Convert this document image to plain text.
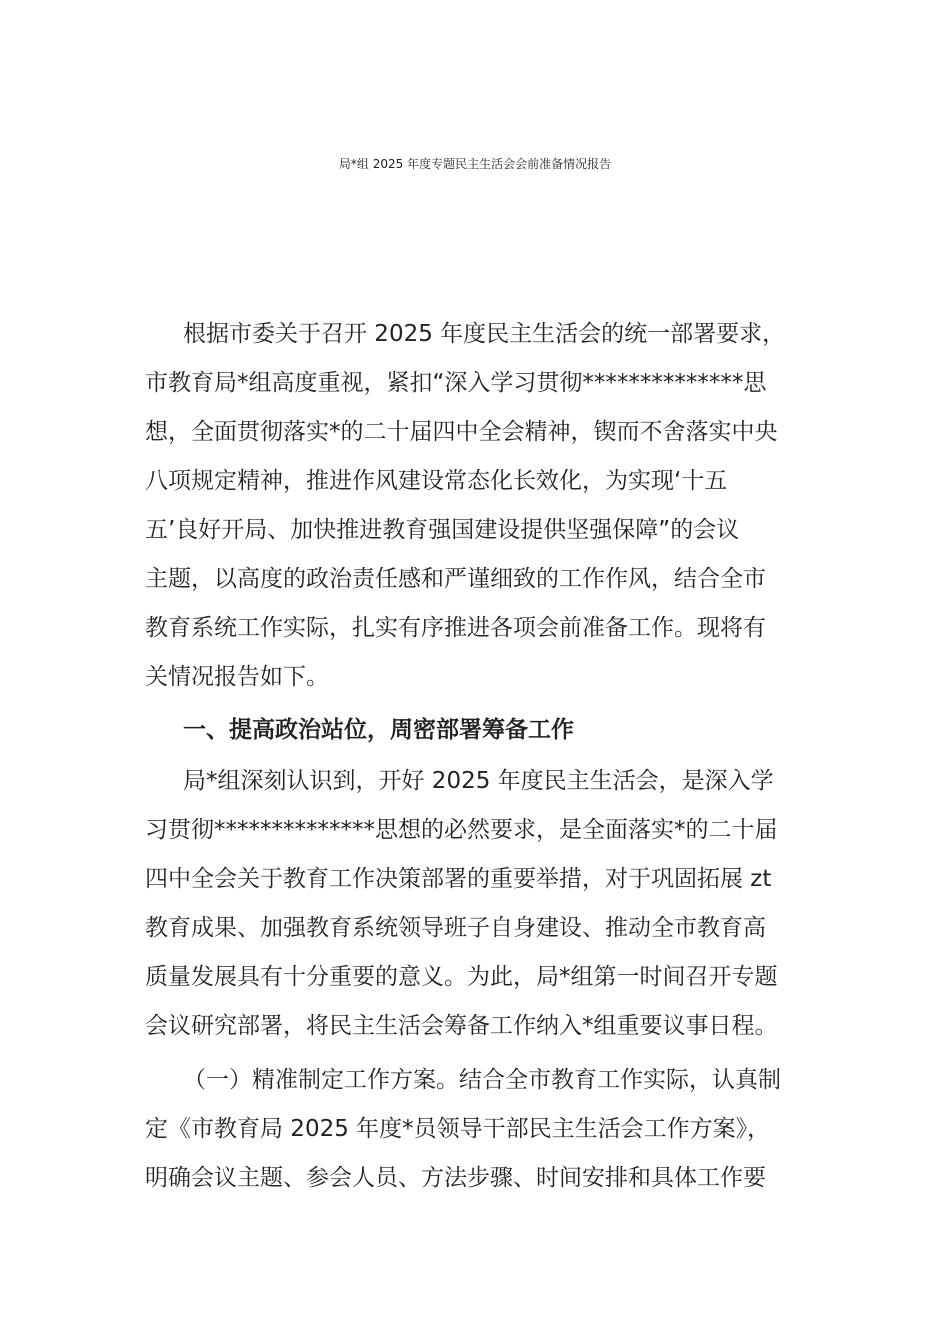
局*组 2025 年度专题民主生活会会前准备情况报告
根据市委关于召开 2025 年度民主生活会的统一部署要求，
市教育局*组高度重视，紧扣“深入学习贯彻**************思
想，全面贯彻落实*的二十届四中全会精神，锲而不舍落实中央
八项规定精神，推进作风建设常态化长效化，为实现‘十五
五’良好开局、加快推进教育强国建设提供坚强保障”的会议
主题，以高度的政治责任感和严谨细致的工作作风，结合全市
教育系统工作实际，扎实有序推进各项会前准备工作。现将有
关情况报告如下。
一、提高政治站位，周密部署筹备工作
局*组深刻认识到，开好 2025 年度民主生活会，是深入学
习贯彻**************思想的必然要求，是全面落实*的二十届
四中全会关于教育工作决策部署的重要举措，对于巩固拓展 zt
教育成果、加强教育系统领导班子自身建设、推动全市教育高
质量发展具有十分重要的意义。为此，局*组第一时间召开专题
会议研究部署，将民主生活会筹备工作纳入*组重要议事日程。
（一）精准制定工作方案。结合全市教育工作实际，认真制
定《市教育局 2025 年度*员领导干部民主生活会工作方案》，
明确会议主题、参会人员、方法步骤、时间安排和具体工作要
